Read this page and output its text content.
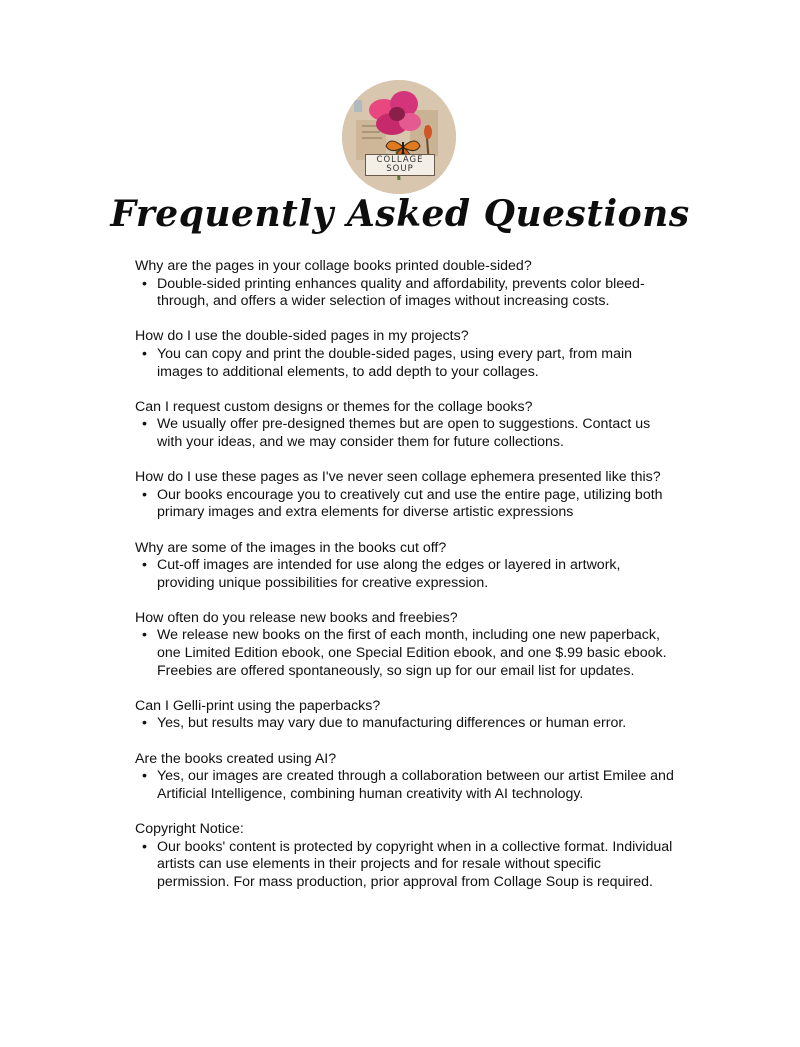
COLLAGE
SOUP
Frequently Asked Questions

Why are the pages in your collage books printed double-sided?

• Double-sided printing enhances quality and affordability, prevents color bleed-through, and offers a wider selection of images without increasing costs.

How do I use the double-sided pages in my projects?

• You can copy and print the double-sided pages, using every part, from main images to additional elements, to add depth to your collages.

Can I request custom designs or themes for the collage books?

• We usually offer pre-designed themes but are open to suggestions. Contact us with your ideas, and we may consider them for future collections.

How do I use these pages as I've never seen collage ephemera presented like this?

• Our books encourage you to creatively cut and use the entire page, utilizing both primary images and extra elements for diverse artistic expressions

Why are some of the images in the books cut off?

• Cut-off images are intended for use along the edges or layered in artwork, providing unique possibilities for creative expression.

How often do you release new books and freebies?

• We release new books on the first of each month, including one new paperback, one Limited Edition ebook, one Special Edition ebook, and one $.99 basic ebook. Freebies are offered spontaneously, so sign up for our email list for updates.

Can I Gelli-print using the paperbacks?

• Yes, but results may vary due to manufacturing differences or human error.

Are the books created using AI?

• Yes, our images are created through a collaboration between our artist Emilee and Artificial Intelligence, combining human creativity with AI technology.

Copyright Notice:

• Our books' content is protected by copyright when in a collective format. Individual artists can use elements in their projects and for resale without specific permission. For mass production, prior approval from Collage Soup is required.
